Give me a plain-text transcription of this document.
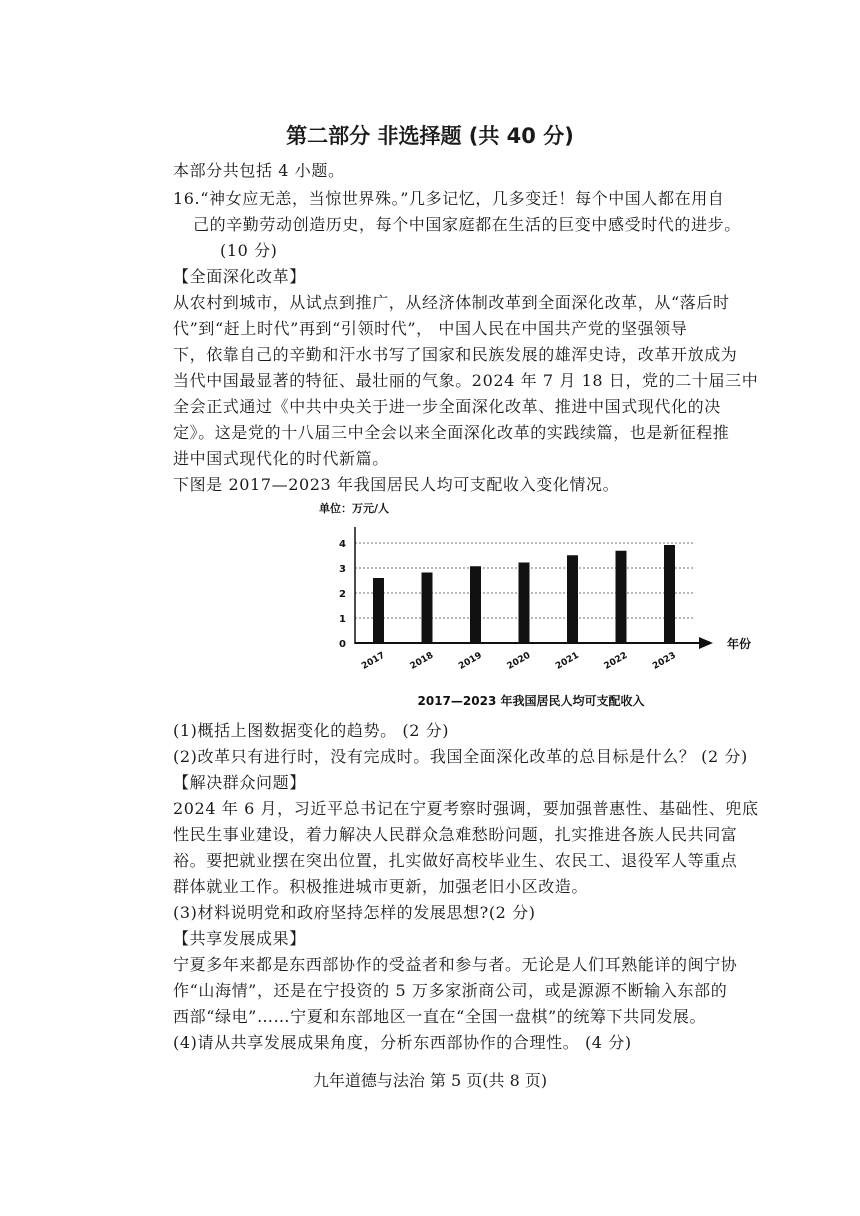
第二部分 非选择题 (共 40 分)
本部分共包括 4 小题。
16.“神女应无恙，当惊世界殊。”几多记忆，几多变迁！每个中国人都在用自
己的辛勤劳动创造历史，每个中国家庭都在生活的巨变中感受时代的进步。
(10 分)
【全面深化改革】
从农村到城市，从试点到推广，从经济体制改革到全面深化改革，从“落后时
代”到“赶上时代”再到“引领时代”， 中国人民在中国共产党的坚强领导
下，依靠自己的辛勤和汗水书写了国家和民族发展的雄浑史诗，改革开放成为
当代中国最显著的特征、最壮丽的气象。2024 年 7 月 18 日，党的二十届三中
全会正式通过《中共中央关于进一步全面深化改革、推进中国式现代化的决
定》。这是党的十八届三中全会以来全面深化改革的实践续篇，也是新征程推
进中国式现代化的时代新篇。
下图是 2017—2023 年我国居民人均可支配收入变化情况。
单位：万元/人
0
1
2
3
4
2017 2018 2019 2020 2021 2022 2023
年份
2017—2023 年我国居民人均可支配收入
(1)概括上图数据变化的趋势。 (2 分)
(2)改革只有进行时，没有完成时。我国全面深化改革的总目标是什么？ (2 分)
【解决群众问题】
2024 年 6 月，习近平总书记在宁夏考察时强调，要加强普惠性、基础性、兜底
性民生事业建设，着力解决人民群众急难愁盼问题，扎实推进各族人民共同富
裕。要把就业摆在突出位置，扎实做好高校毕业生、农民工、退役军人等重点
群体就业工作。积极推进城市更新，加强老旧小区改造。
(3)材料说明党和政府坚持怎样的发展思想?(2 分)
【共享发展成果】
宁夏多年来都是东西部协作的受益者和参与者。无论是人们耳熟能详的闽宁协
作“山海情”，还是在宁投资的 5 万多家浙商公司，或是源源不断输入东部的
西部“绿电”……宁夏和东部地区一直在“全国一盘棋”的统筹下共同发展。
(4)请从共享发展成果角度，分析东西部协作的合理性。 (4 分)
九年道德与法治 第 5 页(共 8 页)
